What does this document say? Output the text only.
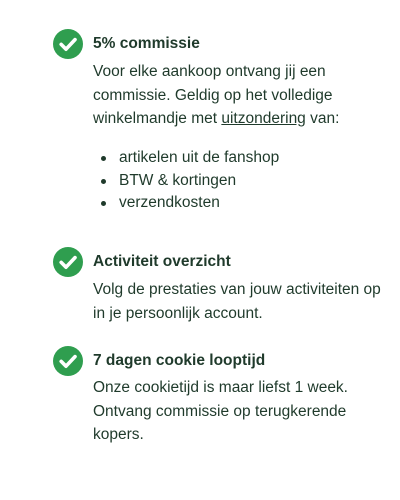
5% commissie

Voor elke aankoop ontvang jij een commissie. Geldig op het volledige winkelmandje met uitzondering van:

artikelen uit de fanshop
BTW & kortingen
verzendkosten
Activiteit overzicht
Volg de prestaties van jouw activiteiten op in je persoonlijk account.
7 dagen cookie looptijd
Onze cookietijd is maar liefst 1 week. Ontvang commissie op terugkerende kopers.
